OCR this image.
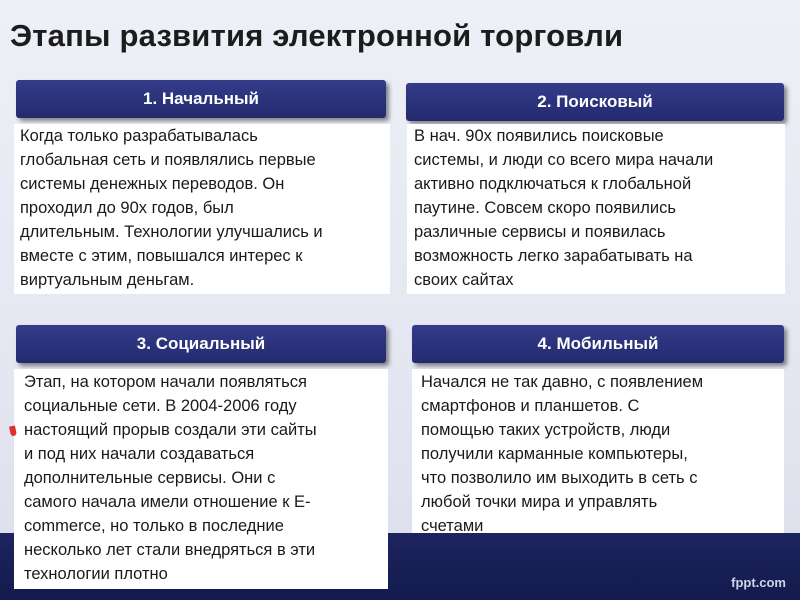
fppt.com
Этапы развития электронной торговли
1. Начальный
Когда только разрабатывалась
глобальная сеть и появлялись первые
системы денежных переводов. Он
проходил до 90х годов, был
длительным. Технологии улучшались и
вместе с этим, повышался интерес к
виртуальным деньгам.
2. Поисковый
В нач. 90х появились поисковые
системы, и люди со всего мира начали
активно подключаться к глобальной
паутине. Совсем скоро появились
различные сервисы и появилась
возможность легко зарабатывать на
своих сайтах
3. Социальный
Этап, на котором начали появляться
социальные сети. В 2004-2006 году
настоящий прорыв создали эти сайты
и под них начали создаваться
дополнительные сервисы. Они с
самого начала имели отношение к E-
commerce, но только в последние
несколько лет стали внедряться в эти
технологии плотно
4. Мобильный
Начался не так давно, с появлением
смартфонов и планшетов. С
помощью таких устройств, люди
получили карманные компьютеры,
что позволило им выходить в сеть с
любой точки мира и управлять
счетами
